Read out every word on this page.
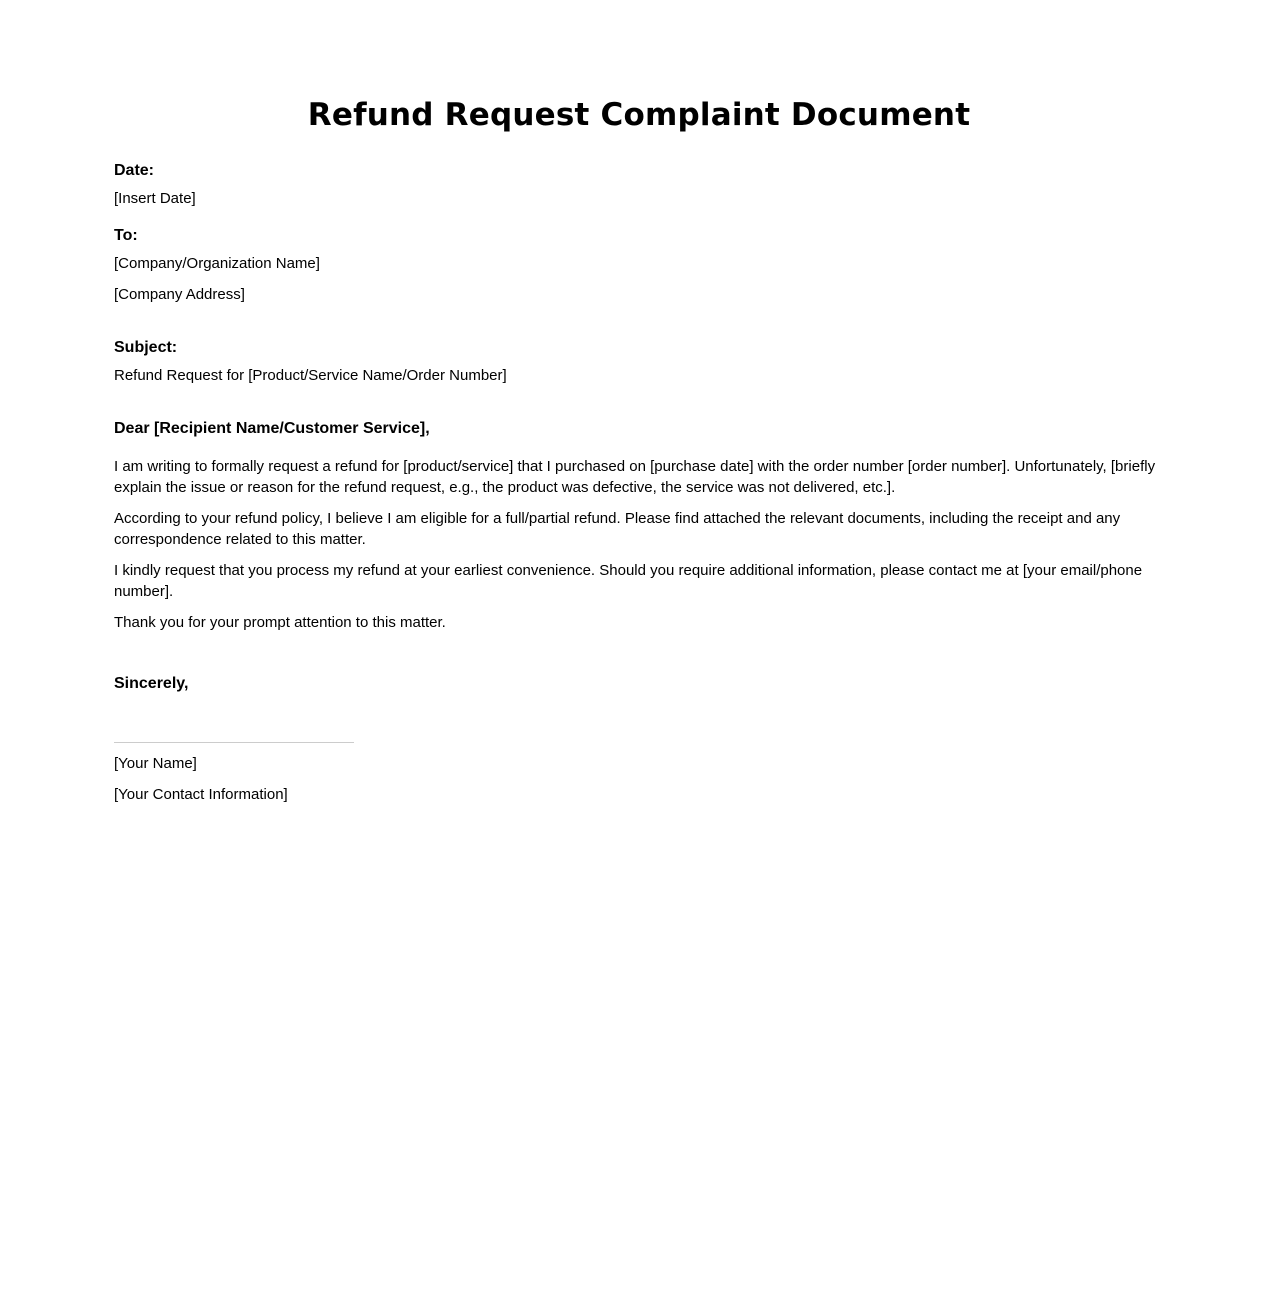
Refund Request Complaint Document
Date:
[Insert Date]
To:
[Company/Organization Name]
[Company Address]
Subject:
Refund Request for [Product/Service Name/Order Number]
Dear [Recipient Name/Customer Service],

I am writing to formally request a refund for [product/service] that I purchased on [purchase date] with the order number [order number]. Unfortunately, [briefly explain the issue or reason for the refund request, e.g., the product was defective, the service was not delivered, etc.].

According to your refund policy, I believe I am eligible for a full/partial refund. Please find attached the relevant documents, including the receipt and any correspondence related to this matter.

I kindly request that you process my refund at your earliest convenience. Should you require additional information, please contact me at [your email/phone number].

Thank you for your prompt attention to this matter.

Sincerely,
[Your Name]
[Your Contact Information]
